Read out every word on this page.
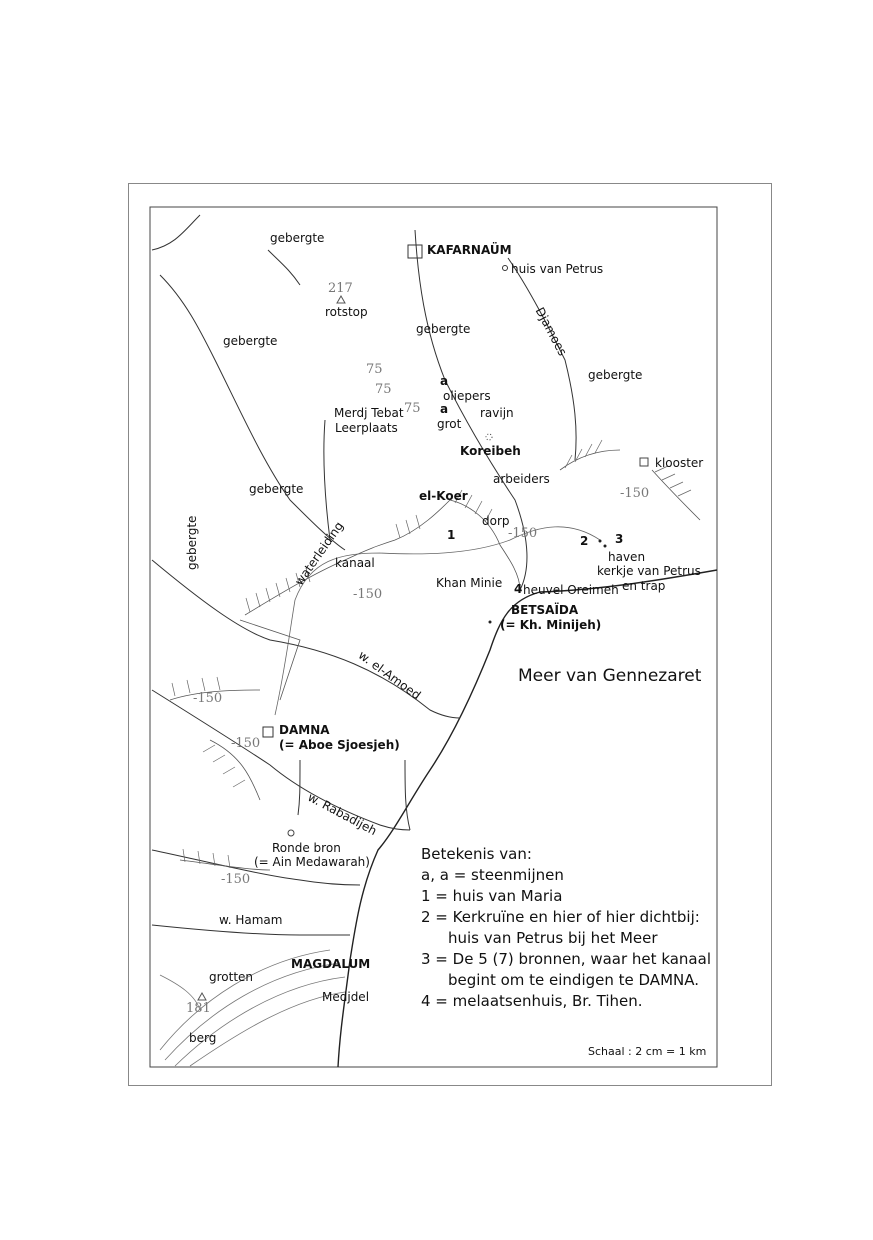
KAFARNAÜM
huis van Petrus
rotstop
gebergte
gebergte
gebergte
gebergte
gebergte
gebergte
Djamoes
a
oliepers
a
grot
ravijn
Merdj Tebat
Leerplaats
Koreibeh
klooster
arbeiders
el-Koer
dorp
1	2 3
haven
kerkje van Petrus
en trap
waterleiding
kanaal
Khan Minie 4 heuvel Oreimeh
BETSAÏDA
(= Kh. Minijeh)
Meer van Gennezaret
w. el-Amoed
DAMNA
(= Aboe Sjoesjeh)
w. Rabadijeh
Ronde bron
(= Ain Medawarah)
w. Hamam
MAGDALUM
grotten
Medjdel
berg
217
75
75
75
-150
-150
-150
-150
-150
-150
181
Betekenis van:
a, a = steenmijnen
1 = huis van Maria
2 = Kerkruïne en hier of hier dichtbij:
huis van Petrus bij het Meer
3 = De 5 (7) bronnen, waar het kanaal
begint om te eindigen te DAMNA.
4 = melaatsenhuis, Br. Tihen.
Schaal : 2 cm = 1 km
